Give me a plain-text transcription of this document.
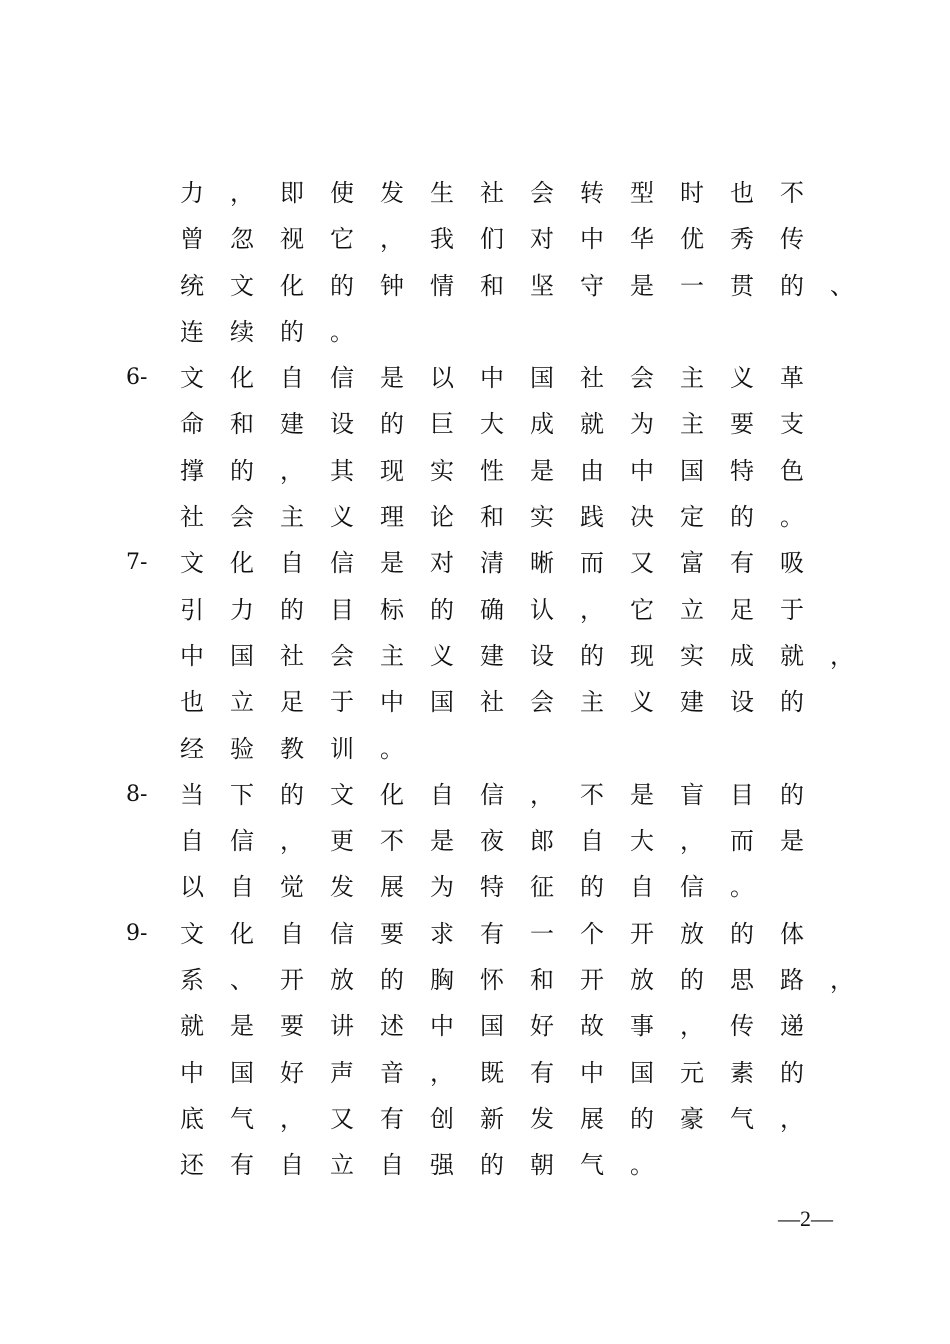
力，即使发生社会转型时也不
曾忽视它，我们对中华优秀传
统文化的钟情和坚守是一贯的、
连续的。
6- 文化自信是以中国社会主义革
命和建设的巨大成就为主要支
撑的，其现实性是由中国特色
社会主义理论和实践决定的。
7- 文化自信是对清晰而又富有吸
引力的目标的确认，它立足于
中国社会主义建设的现实成就，
也立足于中国社会主义建设的
经验教训。
8- 当下的文化自信，不是盲目的
自信，更不是夜郎自大，而是
以自觉发展为特征的自信。
9- 文化自信要求有一个开放的体
系、开放的胸怀和开放的思路，
就是要讲述中国好故事，传递
中国好声音，既有中国元素的
底气，又有创新发展的豪气，
还有自立自强的朝气。
—2—
